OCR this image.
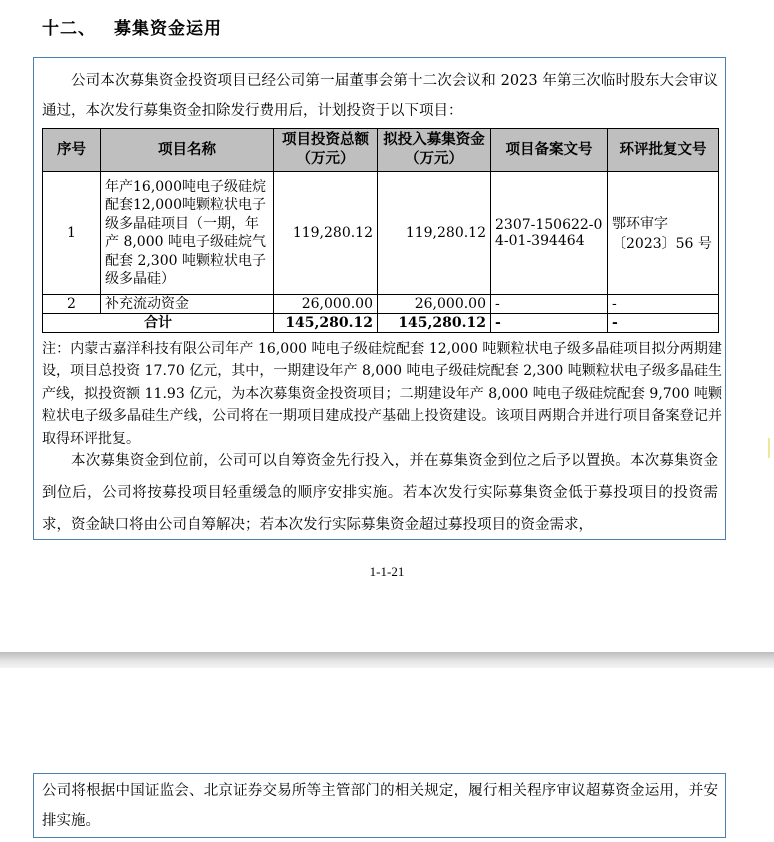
十二、 募集资金运用

公司本次募集资金投资项目已经公司第一届董事会第十二次会议和 2023 年第三次临时股东大会审议通过，本次发行募集资金扣除发行费用后，计划投资于以下项目：

序号	项目名称	项目投资总额（万元）	拟投入募集资金（万元）	项目备案文号	环评批复文号
1	年产16,000吨电子级硅烷配套12,000吨颗粒状电子级多晶硅项目（一期，年产 8,000 吨电子级硅烷气配套 2,300 吨颗粒状电子级多晶硅）	119,280.12	119,280.12	2307-150622-04-01-394464	鄂环审字〔2023〕56 号
2	补充流动资金	26,000.00	26,000.00	-	-
合计		145,280.12	145,280.12	-	-

注：内蒙古嘉洋科技有限公司年产 16,000 吨电子级硅烷配套 12,000 吨颗粒状电子级多晶硅项目拟分两期建设，项目总投资 17.70 亿元，其中，一期建设年产 8,000 吨电子级硅烷配套 2,300 吨颗粒状电子级多晶硅生产线，拟投资额 11.93 亿元，为本次募集资金投资项目；二期建设年产 8,000 吨电子级硅烷配套 9,700 吨颗粒状电子级多晶硅生产线，公司将在一期项目建成投产基础上投资建设。该项目两期合并进行项目备案登记并取得环评批复。

本次募集资金到位前，公司可以自筹资金先行投入，并在募集资金到位之后予以置换。本次募集资金到位后，公司将按募投项目轻重缓急的顺序安排实施。若本次发行实际募集资金低于募投项目的投资需求，资金缺口将由公司自筹解决；若本次发行实际募集资金超过募投项目的资金需求，

1-1-21

公司将根据中国证监会、北京证券交易所等主管部门的相关规定，履行相关程序审议超募资金运用，并安排实施。
